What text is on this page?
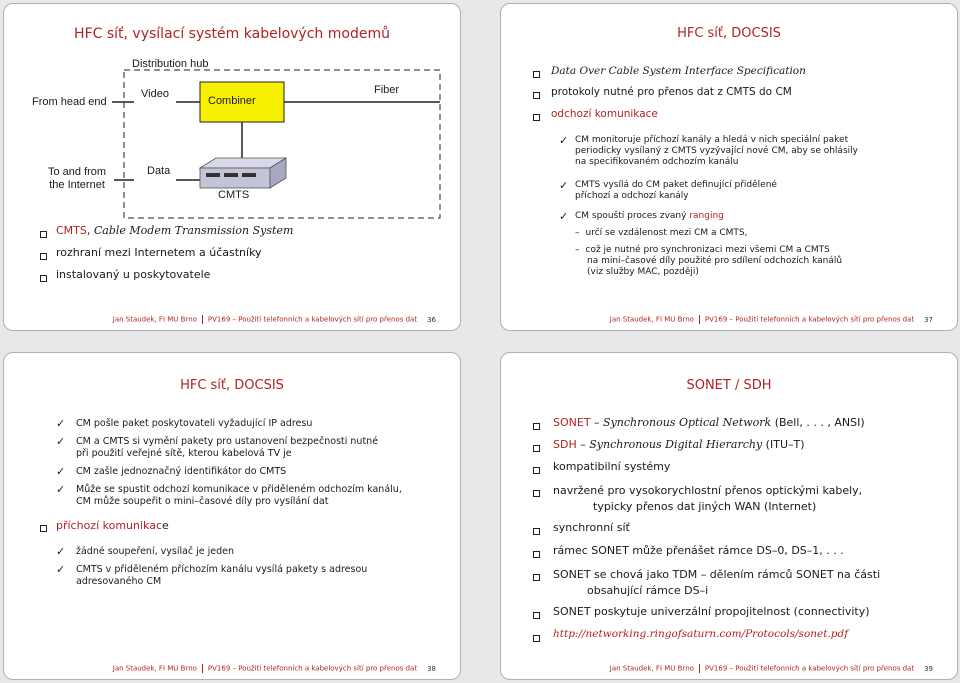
HFC síť, vysílací systém kabelových modemů
Distribution hub
From head end
Video
Combiner
Fiber
To and from
the Internet
Data
CMTS
CMTS, Cable Modem Transmission System
rozhraní mezi Internetem a účastníky
instalovaný u poskytovatele
Jan Staudek, FI MU Brno PV169 – Použití telefonních a kabelových sítí pro přenos dat 36
HFC síť, DOCSIS
Data Over Cable System Interface Specification
protokoly nutné pro přenos dat z CMTS do CM
odchozí komunikace
✓ CM monitoruje příchozí kanály a hledá v nich speciální paket
periodicky vysílaný z CMTS vyzývající nové CM, aby se ohlásily
na specifikovaném odchozím kanálu
✓ CMTS vysílá do CM paket definující přidělené
příchozí a odchozí kanály
✓ CM spouští proces zvaný ranging
– určí se vzdálenost mezi CM a CMTS,
– což je nutné pro synchronizaci mezi všemi CM a CMTS
na mini–časové díly použité pro sdílení odchozích kanálů
(viz služby MAC, později)
Jan Staudek, FI MU Brno PV169 – Použití telefonních a kabelových sítí pro přenos dat 37
HFC síť, DOCSIS
✓ CM pošle paket poskytovateli vyžadující IP adresu
✓ CM a CMTS si vymění pakety pro ustanovení bezpečnosti nutné
při použití veřejné sítě, kterou kabelová TV je
✓ CM zašle jednoznačný identifikátor do CMTS
✓ Může se spustit odchozí komunikace v přiděleném odchozím kanálu,
CM může soupeřit o mini–časové díly pro vysílání dat
příchozí komunikace
✓ žádné soupeření, vysílač je jeden
✓ CMTS v přiděleném příchozím kanálu vysílá pakety s adresou
adresovaného CM
Jan Staudek, FI MU Brno PV169 – Použití telefonních a kabelových sítí pro přenos dat 38
SONET / SDH
SONET – Synchronous Optical Network (Bell, . . . , ANSI)
SDH – Synchronous Digital Hierarchy (ITU–T)
kompatibilní systémy
navržené pro vysokorychlostní přenos optickými kabely,
typicky přenos dat jiných WAN (Internet)
synchronní síť
rámec SONET může přenášet rámce DS–0, DS–1, . . .
SONET se chová jako TDM – dělením rámců SONET na části
obsahující rámce DS–i
SONET poskytuje univerzální propojitelnost (connectivity)
http://networking.ringofsaturn.com/Protocols/sonet.pdf
Jan Staudek, FI MU Brno PV169 – Použití telefonních a kabelových sítí pro přenos dat 39
